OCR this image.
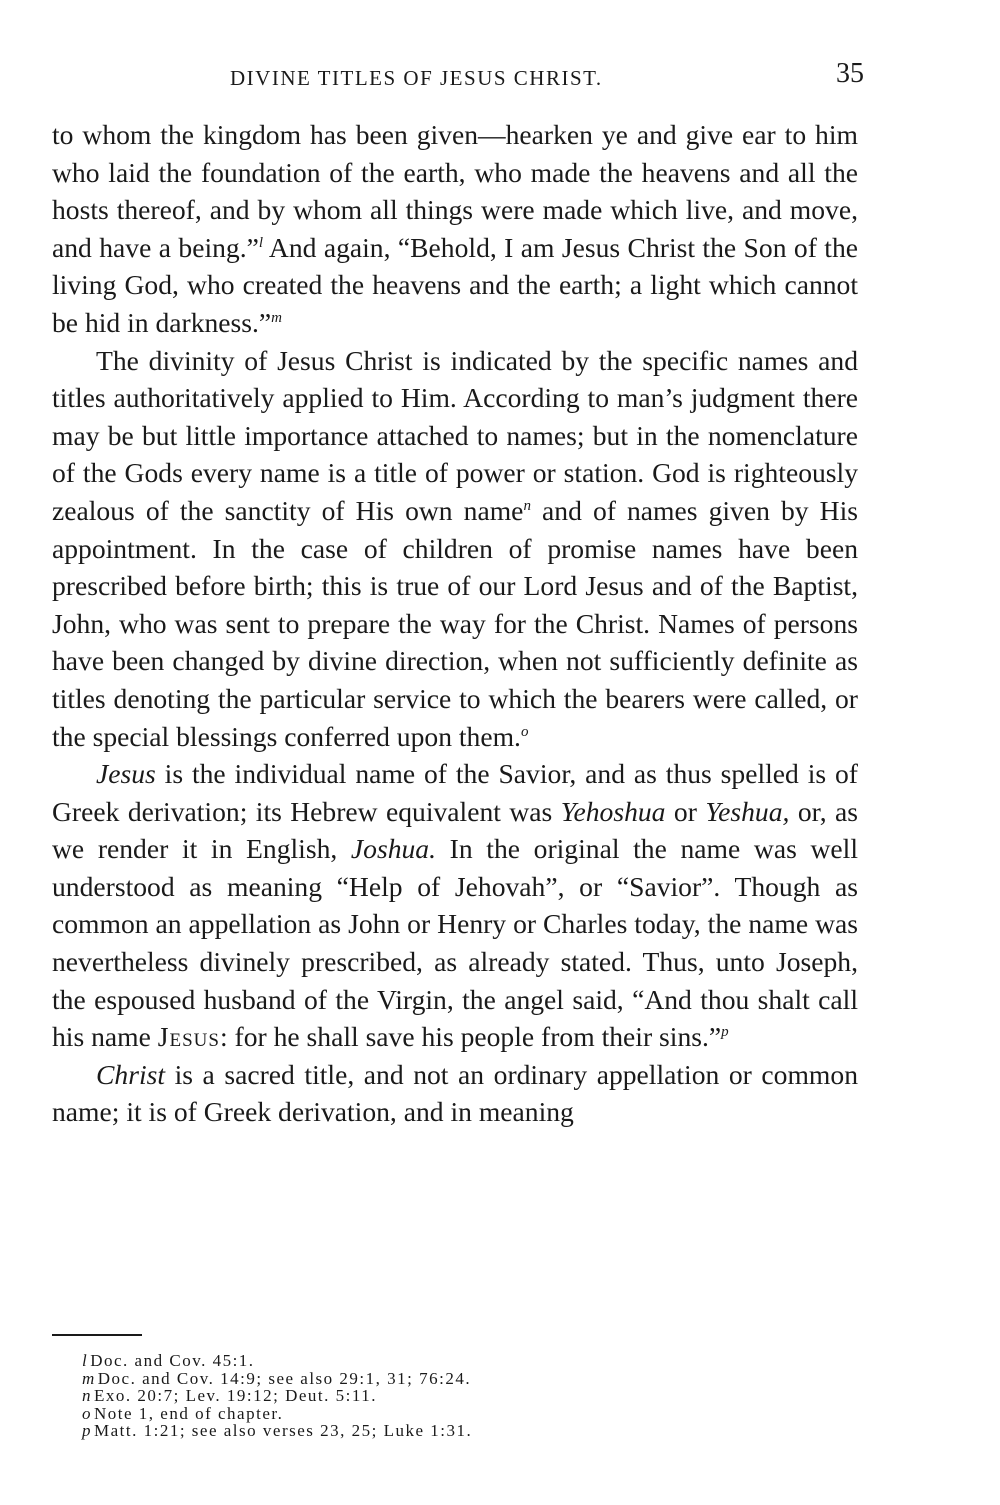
DIVINE TITLES OF JESUS CHRIST.	35

to whom the kingdom has been given—hearken ye and give ear to him who laid the foundation of the earth, who made the heavens and all the hosts thereof, and by whom all things were made which live, and move, and have a being.”$^l$ And again, “Behold, I am Jesus Christ the Son of the living God, who created the heavens and the earth; a light which cannot be hid in darkness.”$^m$

The divinity of Jesus Christ is indicated by the specific names and titles authoritatively applied to Him. According to man’s judgment there may be but little importance attached to names; but in the nomenclature of the Gods every name is a title of power or station. God is righteously zealous of the sanctity of His own name$^n$ and of names given by His appointment. In the case of children of promise names have been prescribed before birth; this is true of our Lord Jesus and of the Baptist, John, who was sent to prepare the way for the Christ. Names of persons have been changed by divine direction, when not sufficiently definite as titles denoting the particular service to which the bearers were called, or the special blessings conferred upon them.$^o$

Jesus is the individual name of the Savior, and as thus spelled is of Greek derivation; its Hebrew equivalent was Yehoshua or Yeshua, or, as we render it in English, Joshua. In the original the name was well understood as meaning “Help of Jehovah”, or “Savior”. Though as common an appellation as John or Henry or Charles today, the name was nevertheless divinely prescribed, as already stated. Thus, unto Joseph, the espoused husband of the Virgin, the angel said, “And thou shalt call his name Jesus: for he shall save his people from their sins.”$^p$

Christ is a sacred title, and not an ordinary appellation or common name; it is of Greek derivation, and in meaning

l Doc. and Cov. 45:1.
m Doc. and Cov. 14:9; see also 29:1, 31; 76:24.
n Exo. 20:7; Lev. 19:12; Deut. 5:11.
o Note 1, end of chapter.
p Matt. 1:21; see also verses 23, 25; Luke 1:31.
